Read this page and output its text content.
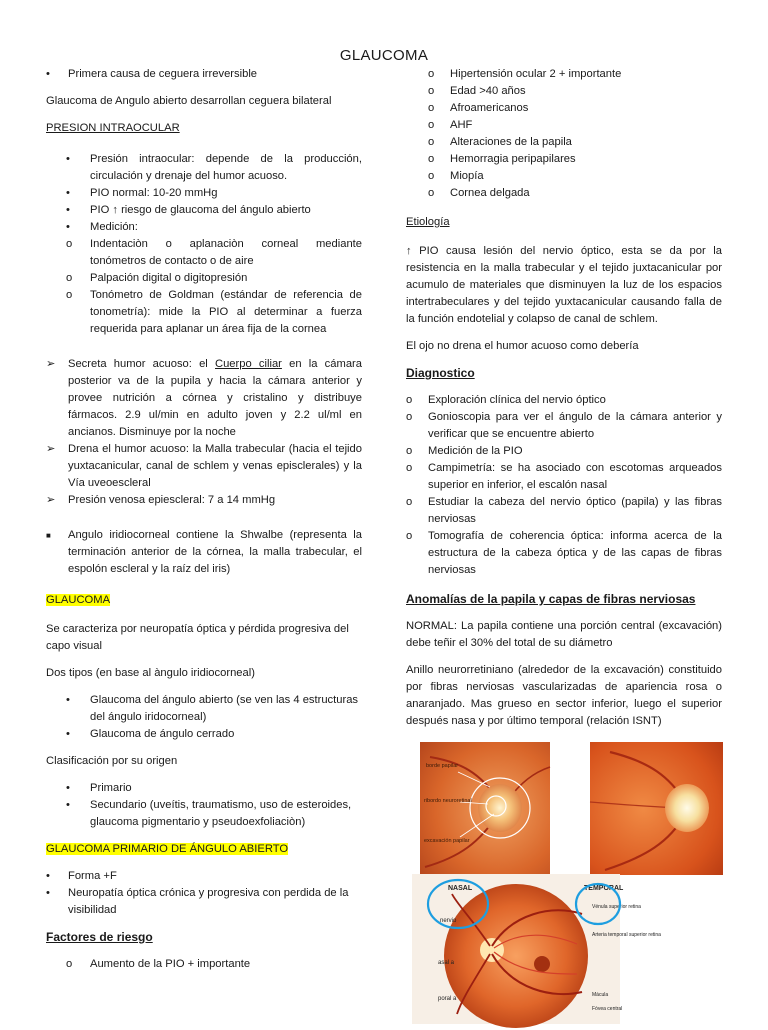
GLAUCOMA
• Primera causa de ceguera irreversible

Glaucoma de Angulo abierto desarrollan ceguera bilateral

PRESION INTRAOCULAR

• Presión intraocular: depende de la producción, circulación y drenaje del humor acuoso.
• PIO normal: 10-20 mmHg
• PIO ↑ riesgo de glaucoma del ángulo abierto
• Medición:
o Indentaciòn o aplanaciòn corneal mediante tonómetros de contacto o de aire
o Palpación digital o digitopresión
o Tonómetro de Goldman (estándar de referencia de tonometría): mide la PIO al determinar a fuerza requerida para aplanar un área fija de la cornea
➢ Secreta humor acuoso: el Cuerpo ciliar en la cámara posterior va de la pupila y hacia la cámara anterior y provee nutrición a córnea y cristalino y distribuye fármacos. 2.9 ul/min en adulto joven y 2.2 ul/ml en ancianos. Disminuye por la noche
➢ Drena el humor acuoso: la Malla trabecular (hacia el tejido yuxtacanicular, canal de schlem y venas episclerales) y la Vía uveoescleral
➢ Presión venosa epiescleral: 7 a 14 mmHg
■ Angulo iridiocorneal contiene la Shwalbe (representa la terminación anterior de la córnea, la malla trabecular, el espolón escleral y la raíz del iris)

GLAUCOMA

Se caracteriza por neuropatía óptica y pérdida progresiva del capo visual

Dos tipos (en base al àngulo iridiocorneal)

• Glaucoma del ángulo abierto (se ven las 4 estructuras del ángulo iridocorneal)
• Glaucoma de ángulo cerrado

Clasificación por su origen

• Primario
• Secundario (uveítis, traumatismo, uso de esteroides, glaucoma pigmentario y pseudoexfoliaciòn)

GLAUCOMA PRIMARIO DE ÁNGULO ABIERTO

• Forma +F
• Neuropatía óptica crónica y progresiva con perdida de la visibilidad

Factores de riesgo

o Aumento de la PIO + importante
o Hipertensión ocular 2 + importante
o Edad >40 años
o Afroamericanos
o AHF
o Alteraciones de la papila
o Hemorragia peripapilares
o Miopía
o Cornea delgada

Etiología

↑ PIO causa lesión del nervio óptico, esta se da por la resistencia en la malla trabecular y el tejido juxtacanicular por acumulo de materiales que disminuyen la luz de los espacios intertrabeculares y del tejido yuxtacanicular causando falla de la función endotelial y colapso de canal de schlem.

El ojo no drena el humor acuoso como debería

Diagnostico

o Exploración clínica del nervio óptico
o Gonioscopia para ver el ángulo de la cámara anterior y verificar que se encuentre abierto
o Medición de la PIO
o Campimetría: se ha asociado con escotomas arqueados superior en inferior, el escalón nasal
o Estudiar la cabeza del nervio óptico (papila) y las fibras nerviosas
o Tomografía de coherencia óptica: informa acerca de la estructura de la cabeza óptica y de las capas de fibras nerviosas

Anomalías de la papila y capas de fibras nerviosas

NORMAL: La papila contiene una porción central (excavación) debe teñir el 30% del total de su diámetro

Anillo neurorretiniano (alrededor de la excavación) constituido por fibras nerviosas vascularizadas de apariencia rosa o anaranjado. Mas grueso en sector inferior, luego el superior después nasa y por último temporal (relación ISNT)

borde papilar
ribordo neuroretinal
excavación papilar
NASAL	TEMPORAL
nervio
asal a
poral a
Vénula superior retina
Arteria temporal superior retina
Mácula
Fóvea central
